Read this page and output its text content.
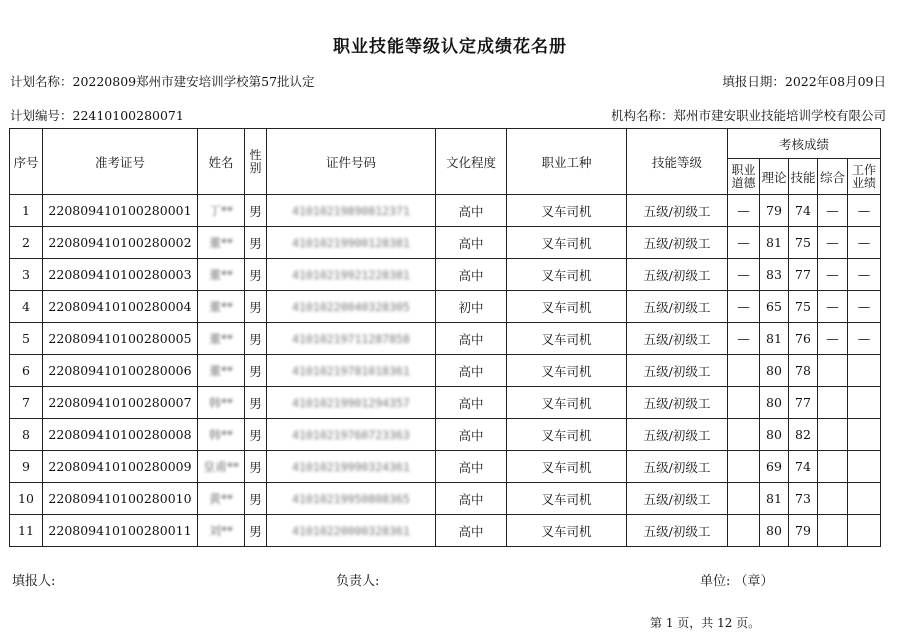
职业技能等级认定成绩花名册
计划名称：20220809郑州市建安培训学校第57批认定	填报日期：2022年08月09日
计划编号：22410100280071	机构名称：郑州市建安职业技能培训学校有限公司
序号	准考证号	姓名	性别	证件号码	文化程度	职业工种	技能等级	考核成绩				
								职业道德	理论	技能	综合	工作业绩
1	220809410100280001	丁**	男	41010219890812371	高中	叉车司机	五级/初级工	—	79	74	—	—
2	220809410100280002	董**	男	41010219900128381	高中	叉车司机	五级/初级工	—	81	75	—	—
3	220809410100280003	董**	男	41010219921228381	高中	叉车司机	五级/初级工	—	83	77	—	—
4	220809410100280004	董**	男	41010220040328305	初中	叉车司机	五级/初级工	—	65	75	—	—
5	220809410100280005	董**	男	41010219711287858	高中	叉车司机	五级/初级工	—	81	76	—	—
6	220809410100280006	董**	男	41010219781018361	高中	叉车司机	五级/初级工		80	78		
7	220809410100280007	韩**	男	41010219901294357	高中	叉车司机	五级/初级工		80	77		
8	220809410100280008	韩**	男	41010219760723363	高中	叉车司机	五级/初级工		80	82		
9	220809410100280009	皇甫**	男	41010219990324361	高中	叉车司机	五级/初级工		69	74		
10	220809410100280010	黄**	男	41010219950808365	高中	叉车司机	五级/初级工		81	73		
11	220809410100280011	刘**	男	41010220000328361	高中	叉车司机	五级/初级工		80	79		
填报人:	负责人:	单位: （章）
第 1 页，共 12 页。
